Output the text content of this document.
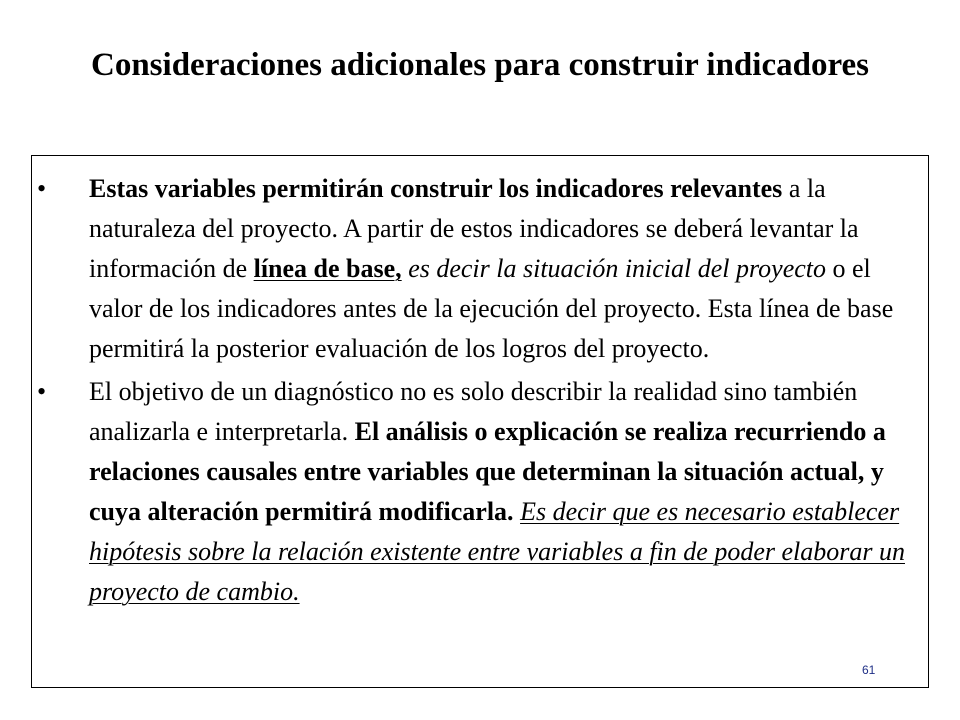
Consideraciones adicionales para construir indicadores
• Estas variables permitirán construir los indicadores relevantes a la naturaleza del proyecto. A partir de estos indicadores se deberá levantar la información de línea de base, es decir la situación inicial del proyecto o el valor de los indicadores antes de la ejecución del proyecto. Esta línea de base permitirá la posterior evaluación de los logros del proyecto.
• El objetivo de un diagnóstico no es solo describir la realidad sino también analizarla e interpretarla. El análisis o explicación se realiza recurriendo a relaciones causales entre variables que determinan la situación actual, y cuya alteración permitirá modificarla. Es decir que es necesario establecer hipótesis sobre la relación existente entre variables a fin de poder elaborar un proyecto de cambio.
61
